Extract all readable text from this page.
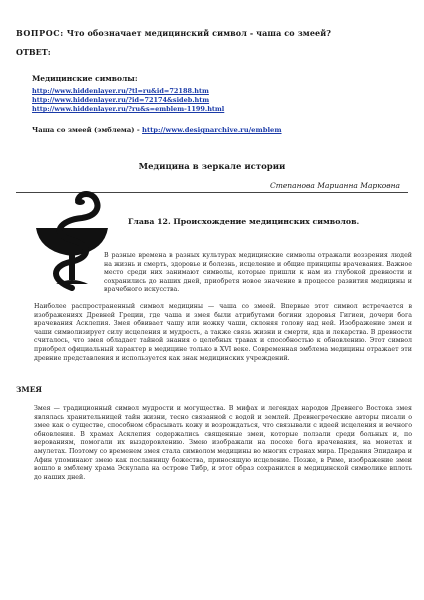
ВОПРОС: Что обозначает медицинский символ - чаша со змеей?
ОТВЕТ:
Медицинские символы:
http://www.hiddenlayer.ru/?tl=ru&id=72188.htm
http://www.hiddenlayer.ru/?id=72174&sideb.htm
http://www.hiddenlayer.ru/?ru&s=emblem-1199.html
Чаша со змеей (эмблема) - http://www.designarchive.ru/emblem
Медицина в зеркале истории
Степанова Марианна Марковна
Глава 12. Происхождение медицинских символов.
В разные времена в разных культурах медицинские символы отражали воззрения людей на жизнь и смерть, здоровье и болезнь, исцеление и общие принципы врачевания. Важное место среди них занимают символы, которые пришли к нам из глубокой древности и сохранились до наших дней, приобретя новое значение в процессе развития медицины и врачебного искусства.
Наиболее распространенный символ медицины — чаша со змеей. Впервые этот символ встречается в изображениях Древней Греции, где чаша и змея были атрибутами богини здоровья Гигиеи, дочери бога врачевания Асклепия. Змея обвивает чашу или ножку чаши, склоняя голову над ней. Изображение змеи и чаши символизирует силу исцеления и мудрость, а также связь жизни и смерти, яда и лекарства. В древности считалось, что змея обладает тайной знания о целебных травах и способностью к обновлению. Этот символ приобрел официальный характер в медицине только в XVI веке. Современная эмблема медицины отражает эти древние представления и используется как знак медицинских учреждений.
ЗМЕЯ
Змея — традиционный символ мудрости и могущества. В мифах и легендах народов Древнего Востока змея являлась хранительницей тайн жизни, тесно связанной с водой и землей. Древнегреческие авторы писали о змее как о существе, способном сбрасывать кожу и возрождаться, что связывали с идеей исцеления и вечного обновления. В храмах Асклепия содержались священные змеи, которые ползали среди больных и, по верованиям, помогали их выздоровлению. Змею изображали на посохе бога врачевания, на монетах и амулетах. Поэтому со временем змея стала символом медицины во многих странах мира. Предания Эпидавра и Афин упоминают змею как посланницу божества, приносящую исцеление. Позже, в Риме, изображение змеи вошло в эмблему храма Эскулапа на острове Тибр, и этот образ сохранился в медицинской символике вплоть до наших дней.
